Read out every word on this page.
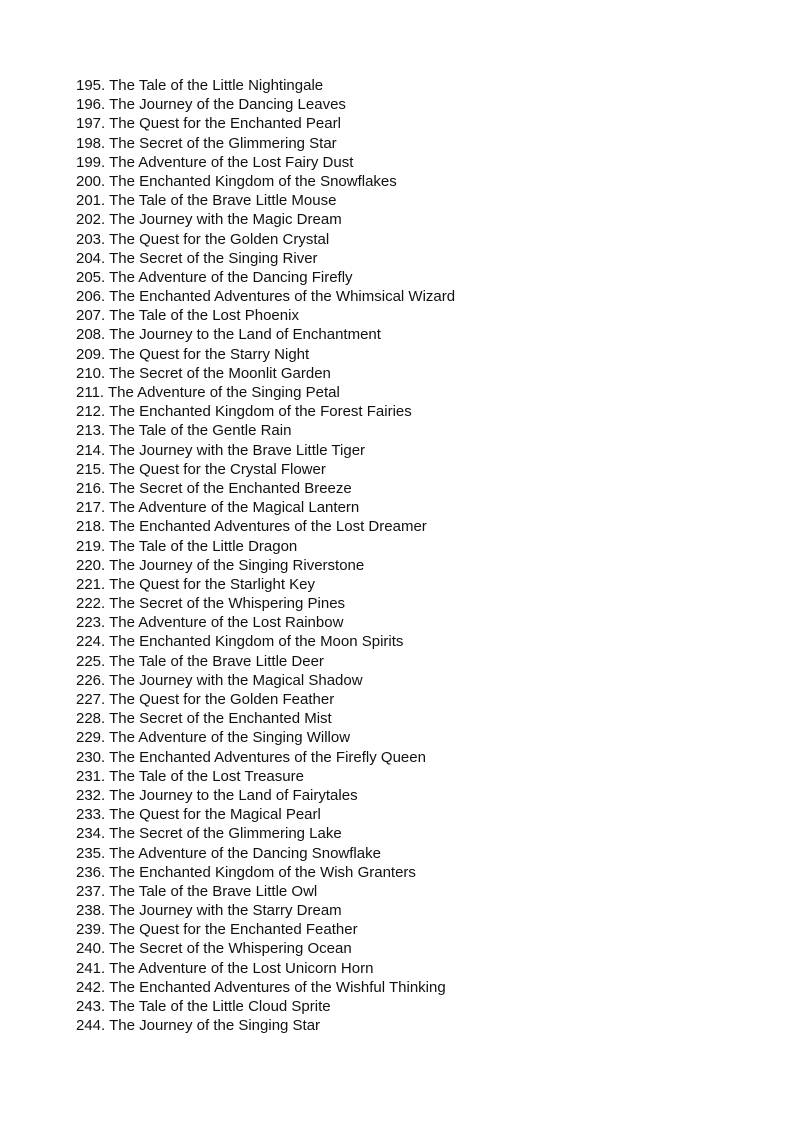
195. The Tale of the Little Nightingale
196. The Journey of the Dancing Leaves
197. The Quest for the Enchanted Pearl
198. The Secret of the Glimmering Star
199. The Adventure of the Lost Fairy Dust
200. The Enchanted Kingdom of the Snowflakes
201. The Tale of the Brave Little Mouse
202. The Journey with the Magic Dream
203. The Quest for the Golden Crystal
204. The Secret of the Singing River
205. The Adventure of the Dancing Firefly
206. The Enchanted Adventures of the Whimsical Wizard
207. The Tale of the Lost Phoenix
208. The Journey to the Land of Enchantment
209. The Quest for the Starry Night
210. The Secret of the Moonlit Garden
211. The Adventure of the Singing Petal
212. The Enchanted Kingdom of the Forest Fairies
213. The Tale of the Gentle Rain
214. The Journey with the Brave Little Tiger
215. The Quest for the Crystal Flower
216. The Secret of the Enchanted Breeze
217. The Adventure of the Magical Lantern
218. The Enchanted Adventures of the Lost Dreamer
219. The Tale of the Little Dragon
220. The Journey of the Singing Riverstone
221. The Quest for the Starlight Key
222. The Secret of the Whispering Pines
223. The Adventure of the Lost Rainbow
224. The Enchanted Kingdom of the Moon Spirits
225. The Tale of the Brave Little Deer
226. The Journey with the Magical Shadow
227. The Quest for the Golden Feather
228. The Secret of the Enchanted Mist
229. The Adventure of the Singing Willow
230. The Enchanted Adventures of the Firefly Queen
231. The Tale of the Lost Treasure
232. The Journey to the Land of Fairytales
233. The Quest for the Magical Pearl
234. The Secret of the Glimmering Lake
235. The Adventure of the Dancing Snowflake
236. The Enchanted Kingdom of the Wish Granters
237. The Tale of the Brave Little Owl
238. The Journey with the Starry Dream
239. The Quest for the Enchanted Feather
240. The Secret of the Whispering Ocean
241. The Adventure of the Lost Unicorn Horn
242. The Enchanted Adventures of the Wishful Thinking
243. The Tale of the Little Cloud Sprite
244. The Journey of the Singing Star
